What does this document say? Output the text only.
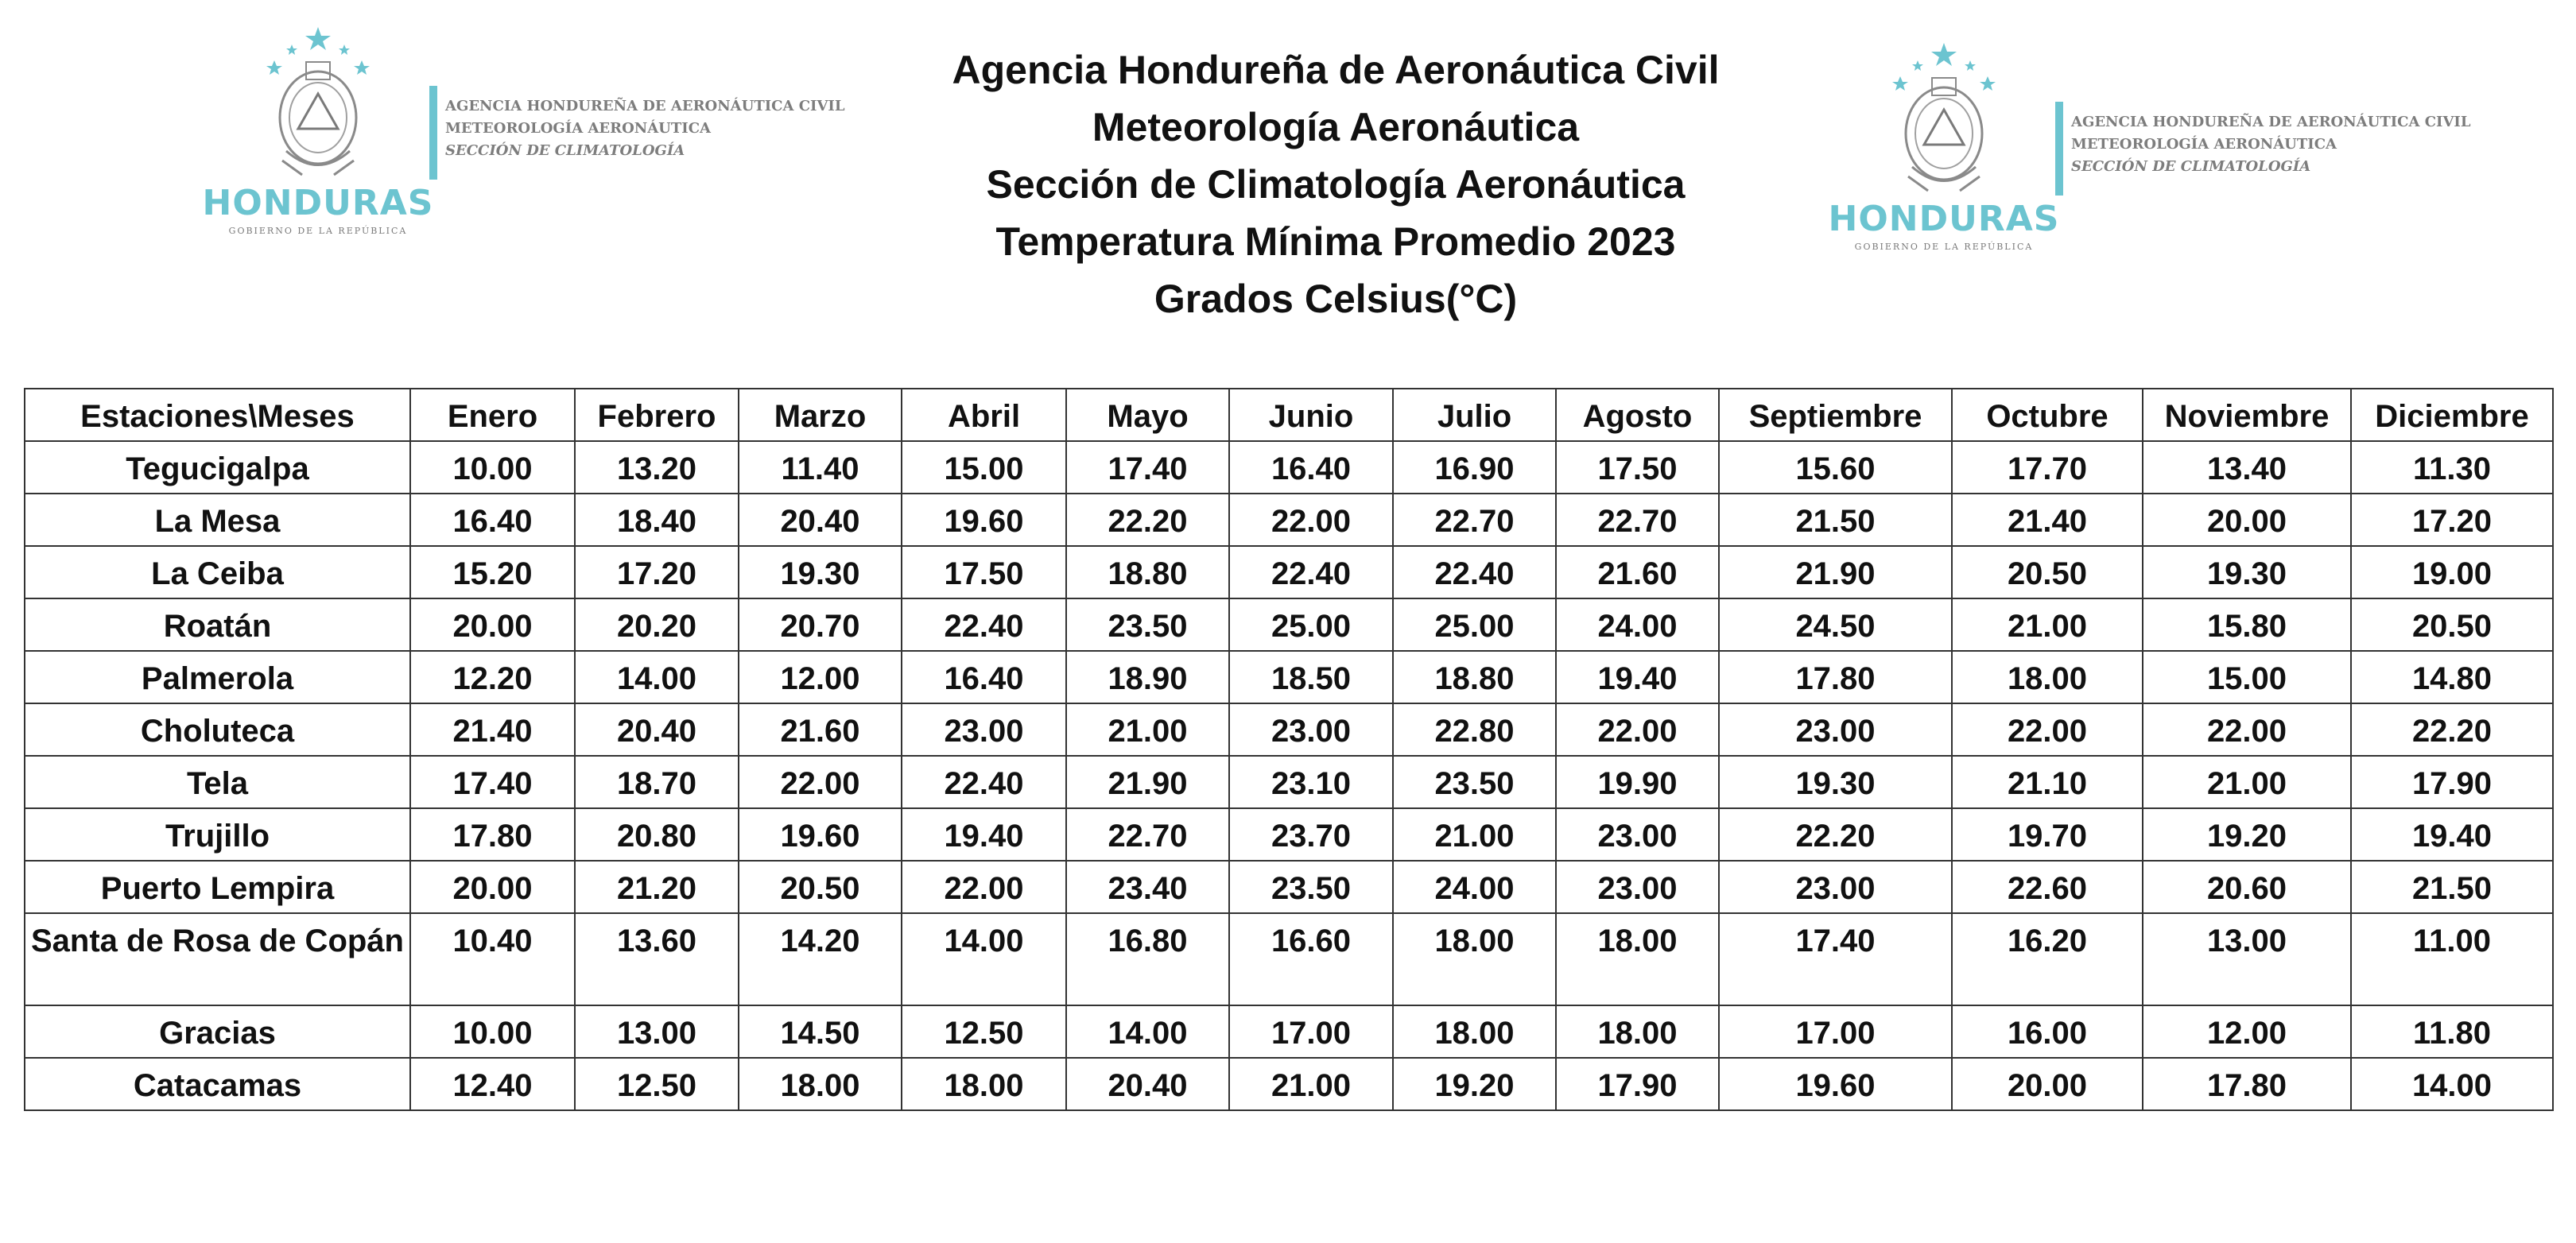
HONDURAS
GOBIERNO DE LA REPÚBLICA
AGENCIA HONDUREÑA DE AERONÁUTICA CIVIL
METEOROLOGÍA AERONÁUTICA
SECCIÓN DE CLIMATOLOGÍA
HONDURAS
GOBIERNO DE LA REPÚBLICA
AGENCIA HONDUREÑA DE AERONÁUTICA CIVIL
METEOROLOGÍA AERONÁUTICA
SECCIÓN DE CLIMATOLOGÍA
Agencia Hondureña de Aeronáutica Civil
Meteorología Aeronáutica
Sección de Climatología Aeronáutica
Temperatura Mínima Promedio 2023
Grados Celsius(°C)
Estaciones\Meses	Enero	Febrero	Marzo	Abril	Mayo	Junio	Julio	Agosto	Septiembre	Octubre	Noviembre	Diciembre
Tegucigalpa	10.00	13.20	11.40	15.00	17.40	16.40	16.90	17.50	15.60	17.70	13.40	11.30
La Mesa	16.40	18.40	20.40	19.60	22.20	22.00	22.70	22.70	21.50	21.40	20.00	17.20
La Ceiba	15.20	17.20	19.30	17.50	18.80	22.40	22.40	21.60	21.90	20.50	19.30	19.00
Roatán	20.00	20.20	20.70	22.40	23.50	25.00	25.00	24.00	24.50	21.00	15.80	20.50
Palmerola	12.20	14.00	12.00	16.40	18.90	18.50	18.80	19.40	17.80	18.00	15.00	14.80
Choluteca	21.40	20.40	21.60	23.00	21.00	23.00	22.80	22.00	23.00	22.00	22.00	22.20
Tela	17.40	18.70	22.00	22.40	21.90	23.10	23.50	19.90	19.30	21.10	21.00	17.90
Trujillo	17.80	20.80	19.60	19.40	22.70	23.70	21.00	23.00	22.20	19.70	19.20	19.40
Puerto Lempira	20.00	21.20	20.50	22.00	23.40	23.50	24.00	23.00	23.00	22.60	20.60	21.50
Santa de Rosa de Copán	10.40	13.60	14.20	14.00	16.80	16.60	18.00	18.00	17.40	16.20	13.00	11.00
Gracias	10.00	13.00	14.50	12.50	14.00	17.00	18.00	18.00	17.00	16.00	12.00	11.80
Catacamas	12.40	12.50	18.00	18.00	20.40	21.00	19.20	17.90	19.60	20.00	17.80	14.00
